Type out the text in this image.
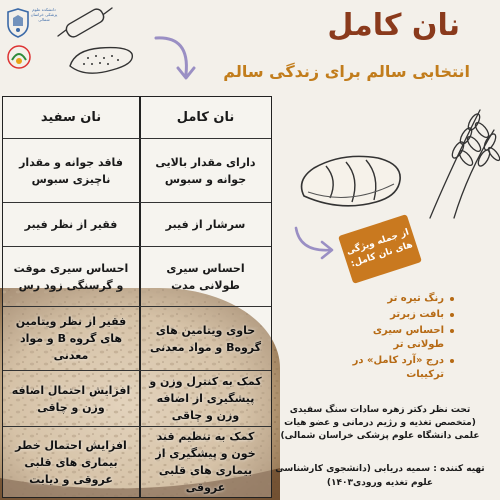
دانشکده علوم پزشکی خراسان شمالی	نان کامل
انتخابی سالم برای زندگی سالم
نان کامل
نان سفید
دارای مقدار بالایی جوانه و سبوس
فاقد جوانه و مقدار ناچیزی سبوس
سرشار از فیبر
فقیر از نظر فیبر
احساس سیری طولانی مدت
احساس سیری موقت و گرسنگی زود رس
حاوی ویتامین های گروهB و مواد معدنی
فقیر از نظر ویتامین های گروه B و مواد معدنی
کمک به کنترل وزن و پیشگیری از اضافه وزن و چاقی
افزایش احتمال اضافه وزن و چاقی
کمک به تنظیم قند خون و پیشگیری از بیماری های قلبی عروقی
افزایش احتمال خطر بیماری های قلبی عروقی و دیابت
از جمله ویژگی های نان کامل:
رنگ تیره تر
بافت زبرتر
احساس سیری طولانی تر
درج «آرد کامل» در ترکیبات
تحت نظر دکتر زهره سادات سنگ سفیدی (متخصص تغذیه و رژیم درمانی و عضو هیات علمی دانشگاه علوم پزشکی خراسان شمالی)
تهیه کننده : سمیه دریابی (دانشجوی کارشناسی علوم تغذیه ورودی۱۴۰۳)
